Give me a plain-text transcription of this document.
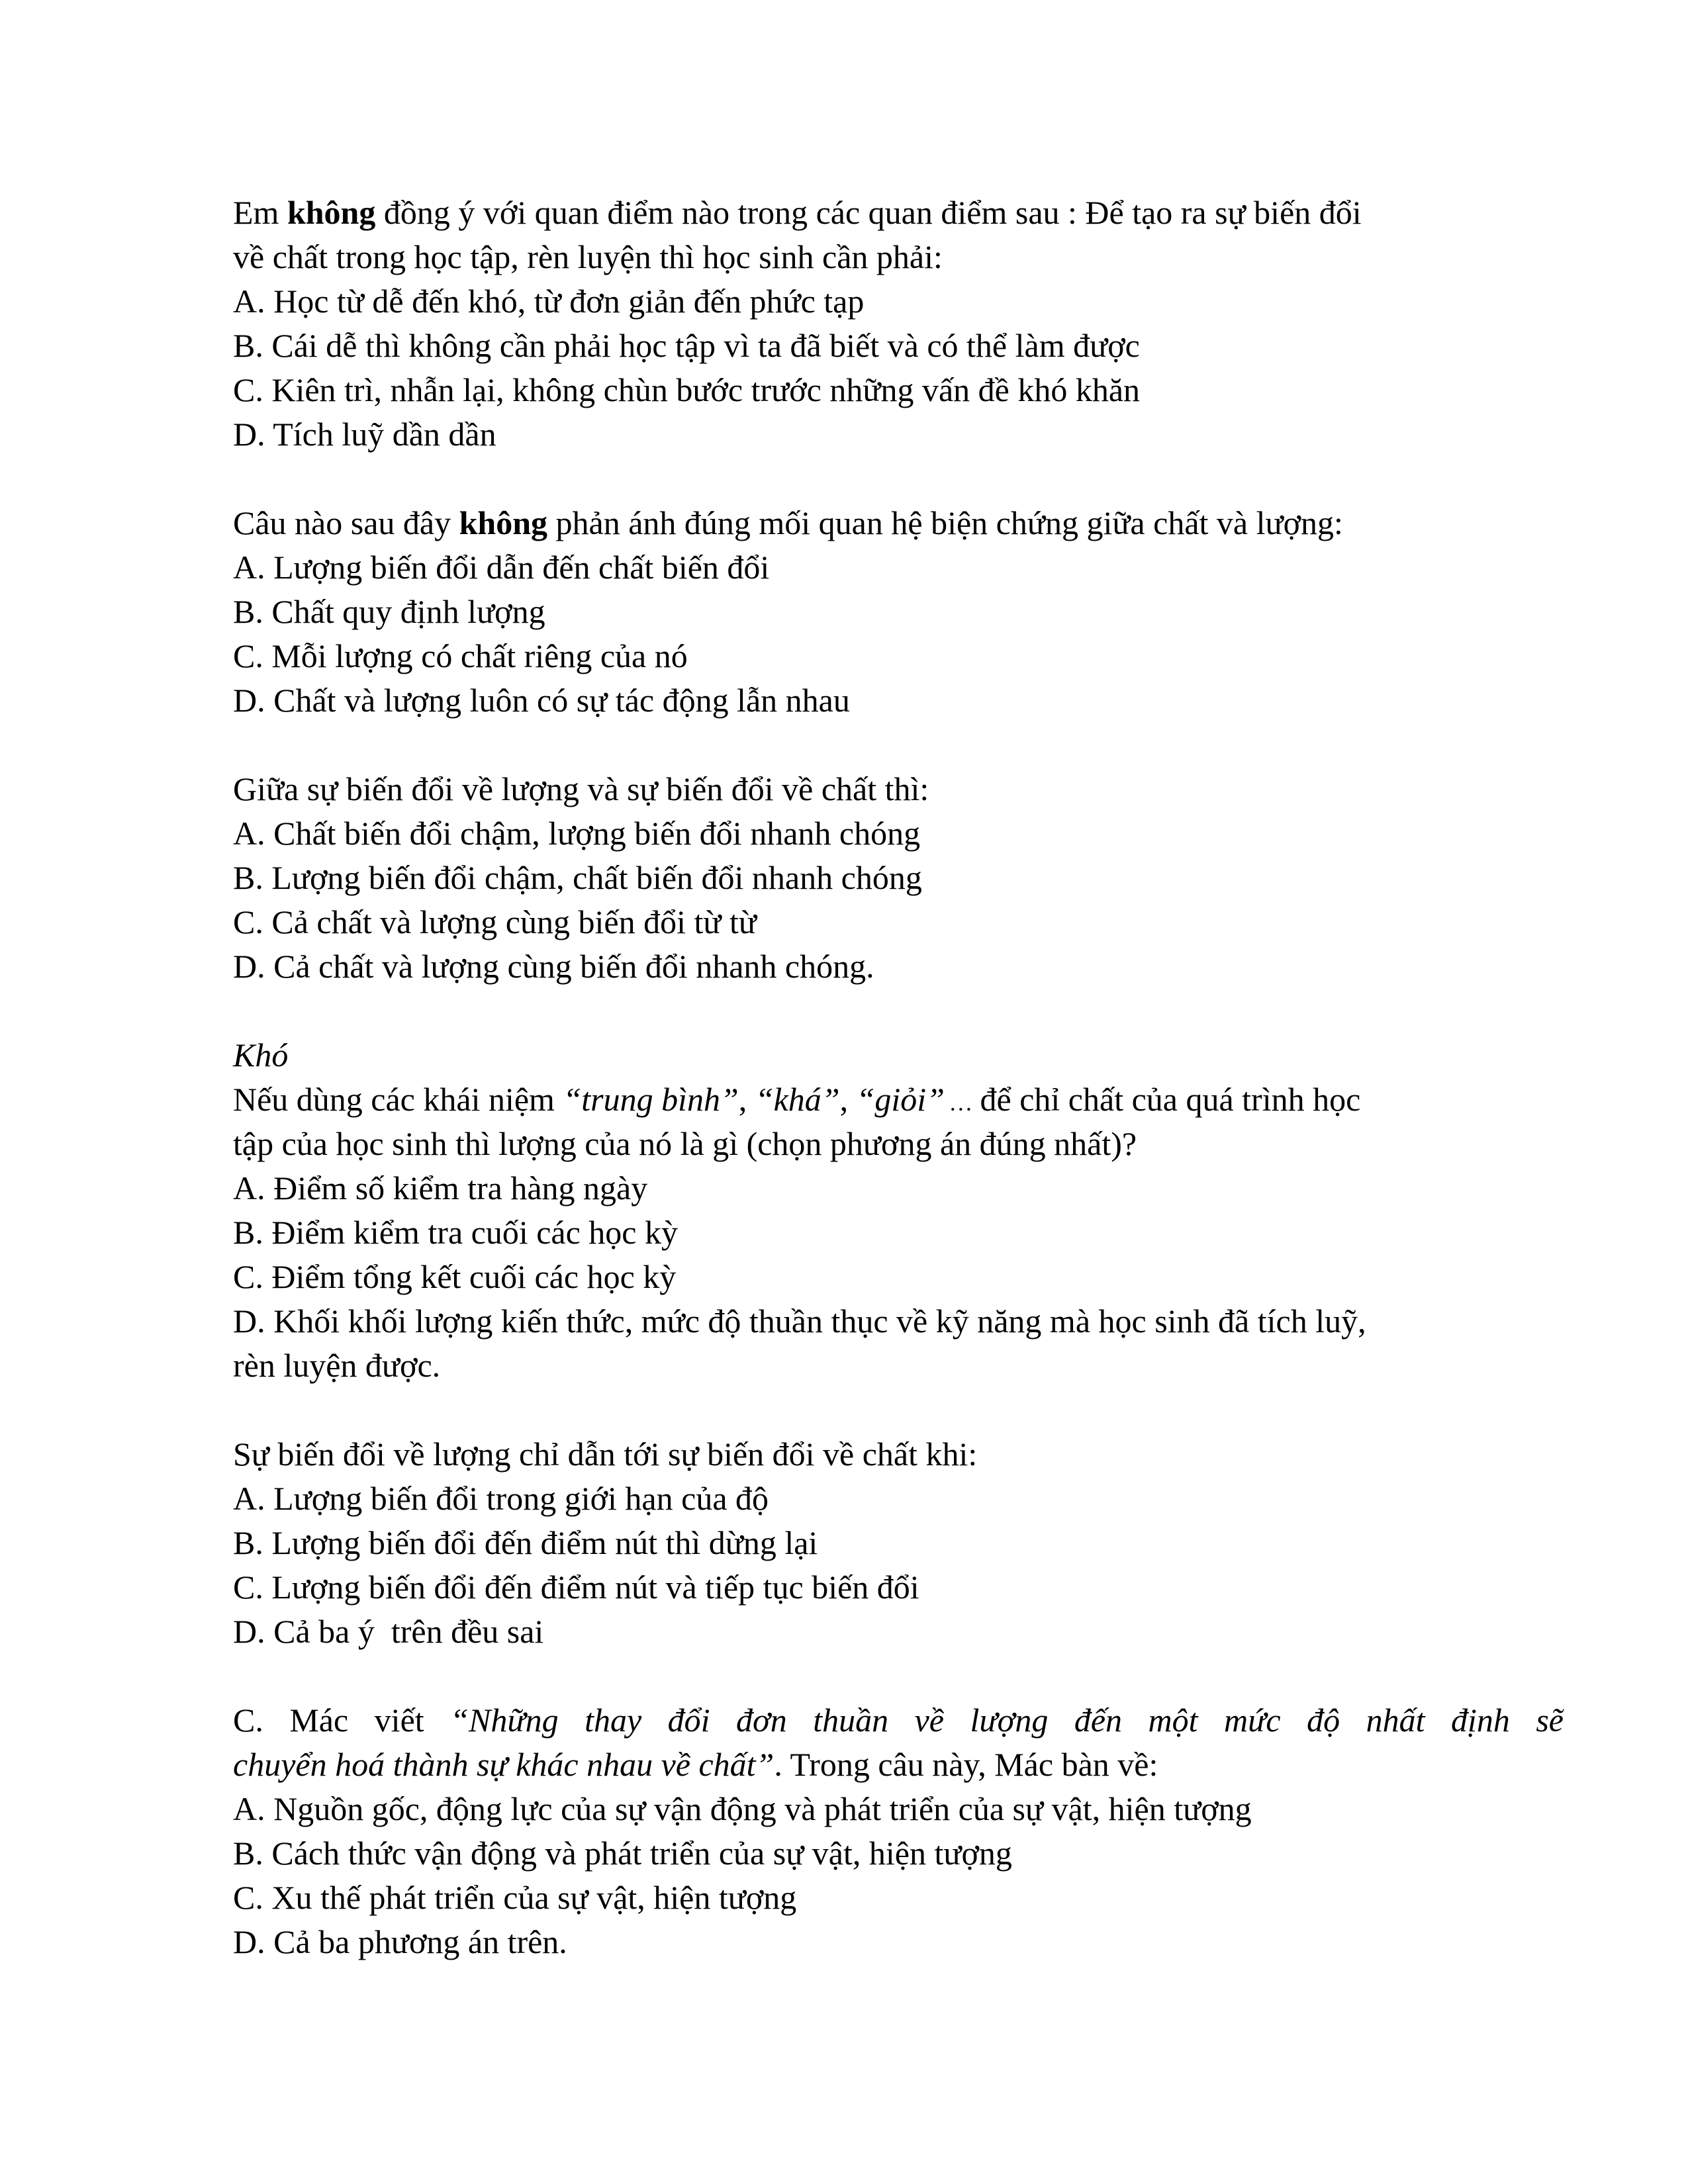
Em không đồng ý với quan điểm nào trong các quan điểm sau : Để tạo ra sự biến đổi
về chất trong học tập, rèn luyện thì học sinh cần phải:
A. Học từ dễ đến khó, từ đơn giản đến phức tạp
B. Cái dễ thì không cần phải học tập vì ta đã biết và có thể làm được
C. Kiên trì, nhẫn lại, không chùn bước trước những vấn đề khó khăn
D. Tích luỹ dần dần
Câu nào sau đây không phản ánh đúng mối quan hệ biện chứng giữa chất và lượng:
A. Lượng biến đổi dẫn đến chất biến đổi
B. Chất quy định lượng
C. Mỗi lượng có chất riêng của nó
D. Chất và lượng luôn có sự tác động lẫn nhau
Giữa sự biến đổi về lượng và sự biến đổi về chất thì:
A. Chất biến đổi chậm, lượng biến đổi nhanh chóng
B. Lượng biến đổi chậm, chất biến đổi nhanh chóng
C. Cả chất và lượng cùng biến đổi từ từ
D. Cả chất và lượng cùng biến đổi nhanh chóng.
Khó
Nếu dùng các khái niệm “trung bình”, “khá”, “giỏi” … để chỉ chất của quá trình học
tập của học sinh thì lượng của nó là gì (chọn phương án đúng nhất)?
A. Điểm số kiểm tra hàng ngày
B. Điểm kiểm tra cuối các học kỳ
C. Điểm tổng kết cuối các học kỳ
D. Khối khối lượng kiến thức, mức độ thuần thục về kỹ năng mà học sinh đã tích luỹ,
rèn luyện được.
Sự biến đổi về lượng chỉ dẫn tới sự biến đổi về chất khi:
A. Lượng biến đổi trong giới hạn của độ
B. Lượng biến đổi đến điểm nút thì dừng lại
C. Lượng biến đổi đến điểm nút và tiếp tục biến đổi
D. Cả ba ý  trên đều sai
C. Mác viết “Những thay đổi đơn thuần về lượng đến một mức độ nhất định sẽ
chuyển hoá thành sự khác nhau về chất”. Trong câu này, Mác bàn về:
A. Nguồn gốc, động lực của sự vận động và phát triển của sự vật, hiện tượng
B. Cách thức vận động và phát triển của sự vật, hiện tượng
C. Xu thế phát triển của sự vật, hiện tượng
D. Cả ba phương án trên.
